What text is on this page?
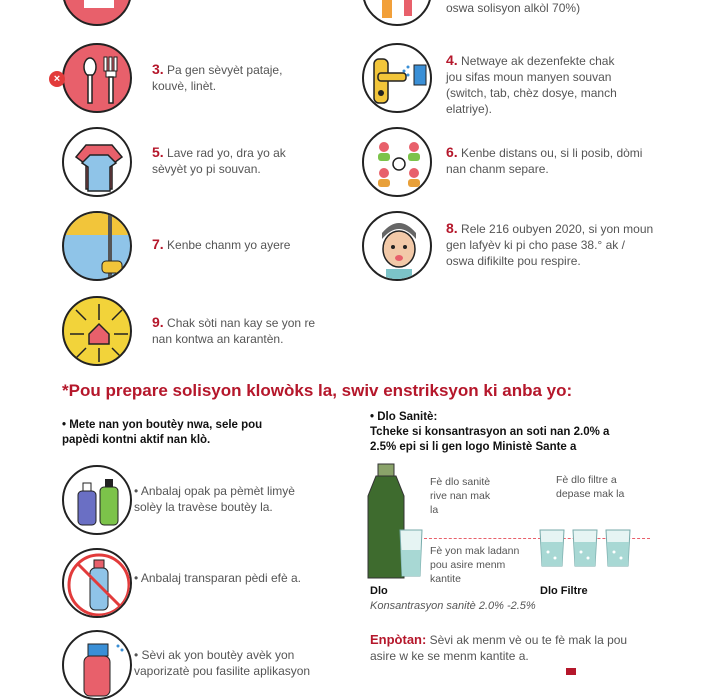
oswa solisyon alkòl 70%)
×
3. Pa gen sèvyèt pataje, kouvè, linèt.
4. Netwaye ak dezenfekte chak jou sifas moun manyen souvan (switch, tab, chèz dosye, manch elatriye).
5. Lave rad yo, dra yo ak sèvyèt yo pi souvan.
6. Kenbe distans ou, si li posib, dòmi nan chanm separe.
7. Kenbe chanm yo ayere
8. Rele 216 oubyen 2020, si yon moun gen lafyèv ki pi cho pase 38.° ak / oswa difikilte pou respire.
9. Chak sòti nan kay se yon re nan kontwa an karantèn.
*Pou prepare solisyon klowòks la, swiv enstriksyon ki anba yo:
• Mete nan yon boutèy nwa, sele pou papèdi kontni aktif nan klò.
• Anbalaj opak pa pèmèt limyè solèy la travèse boutèy la.
• Anbalaj transparan pèdi efè a.
• Sèvi ak yon boutèy avèk yon vaporizatè pou fasilite aplikasyon
• Dlo Sanitè:
Tcheke si konsantrasyon an soti nan 2.0% a 2.5% epi si li gen logo Ministè Sante a
Fè dlo sanitè rive nan mak la
Fè dlo filtre a depase mak la
Fè yon mak ladann pou asire menm kantite
Dlo	Dlo Filtre
Konsantrasyon sanitè 2.0% -2.5%
Enpòtan: Sèvi ak menm vè ou te fè mak la pou asire w ke se menm kantite a.
